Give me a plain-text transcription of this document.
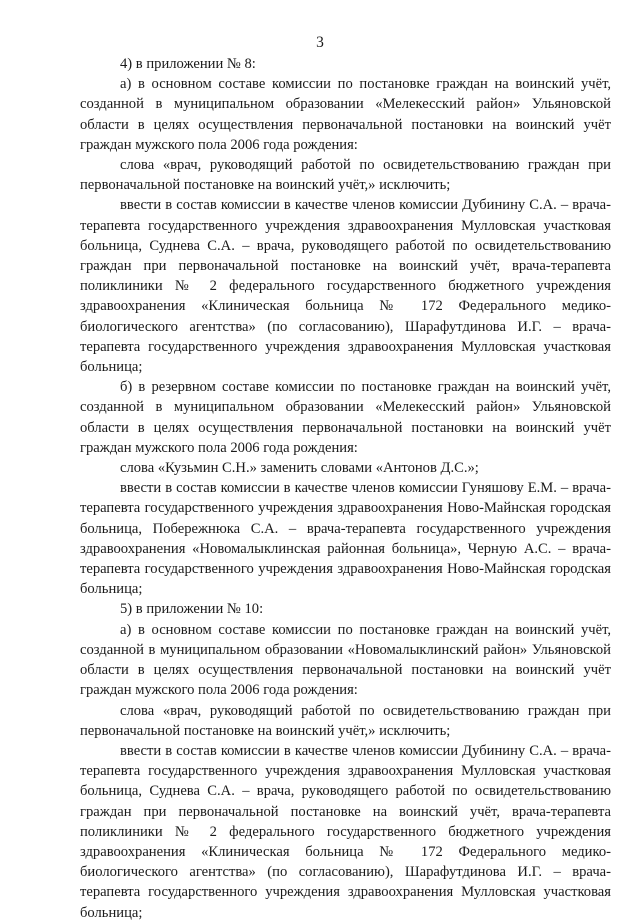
3

4) в приложении № 8:

а) в основном составе комиссии по постановке граждан на воинский учёт, созданной в муниципальном образовании «Мелекесский район» Ульяновской области в целях осуществления первоначальной постановки на воинский учёт граждан мужского пола 2006 года рождения:

слова «врач, руководящий работой по освидетельствованию граждан при первоначальной постановке на воинский учёт,» исключить;

ввести в состав комиссии в качестве членов комиссии Дубинину С.А. – врача-терапевта государственного учреждения здравоохранения Мулловская участковая больница, Суднева С.А. – врача, руководящего работой по освидетельствованию граждан при первоначальной постановке на воинский учёт, врача-терапевта поликлиники № 2 федерального государственного бюджетного учреждения здравоохранения «Клиническая больница № 172 Федерального медико-биологического агентства» (по согласованию), Шарафутдинова И.Г. – врача-терапевта государственного учреждения здравоохранения Мулловская участковая больница;

б) в резервном составе комиссии по постановке граждан на воинский учёт, созданной в муниципальном образовании «Мелекесский район» Ульяновской области в целях осуществления первоначальной постановки на воинский учёт граждан мужского пола 2006 года рождения:

слова «Кузьмин С.Н.» заменить словами «Антонов Д.С.»;

ввести в состав комиссии в качестве членов комиссии Гуняшову Е.М. – врача-терапевта государственного учреждения здравоохранения Ново-Майнская городская больница, Побережнюка С.А. – врача-терапевта государственного учреждения здравоохранения «Новомалыклинская районная больница», Черную А.С. – врача-терапевта государственного учреждения здравоохранения Ново-Майнская городская больница;

5) в приложении № 10:

а) в основном составе комиссии по постановке граждан на воинский учёт, созданной в муниципальном образовании «Новомалыклинский район» Ульяновской области в целях осуществления первоначальной постановки на воинский учёт граждан мужского пола 2006 года рождения:

слова «врач, руководящий работой по освидетельствованию граждан при первоначальной постановке на воинский учёт,» исключить;

ввести в состав комиссии в качестве членов комиссии Дубинину С.А. – врача-терапевта государственного учреждения здравоохранения Мулловская участковая больница, Суднева С.А. – врача, руководящего работой по освидетельствованию граждан при первоначальной постановке на воинский учёт, врача-терапевта поликлиники № 2 федерального государственного бюджетного учреждения здравоохранения «Клиническая больница № 172 Федерального медико-биологического агентства» (по согласованию), Шарафутдинова И.Г. – врача-терапевта государственного учреждения здравоохранения Мулловская участковая больница;
